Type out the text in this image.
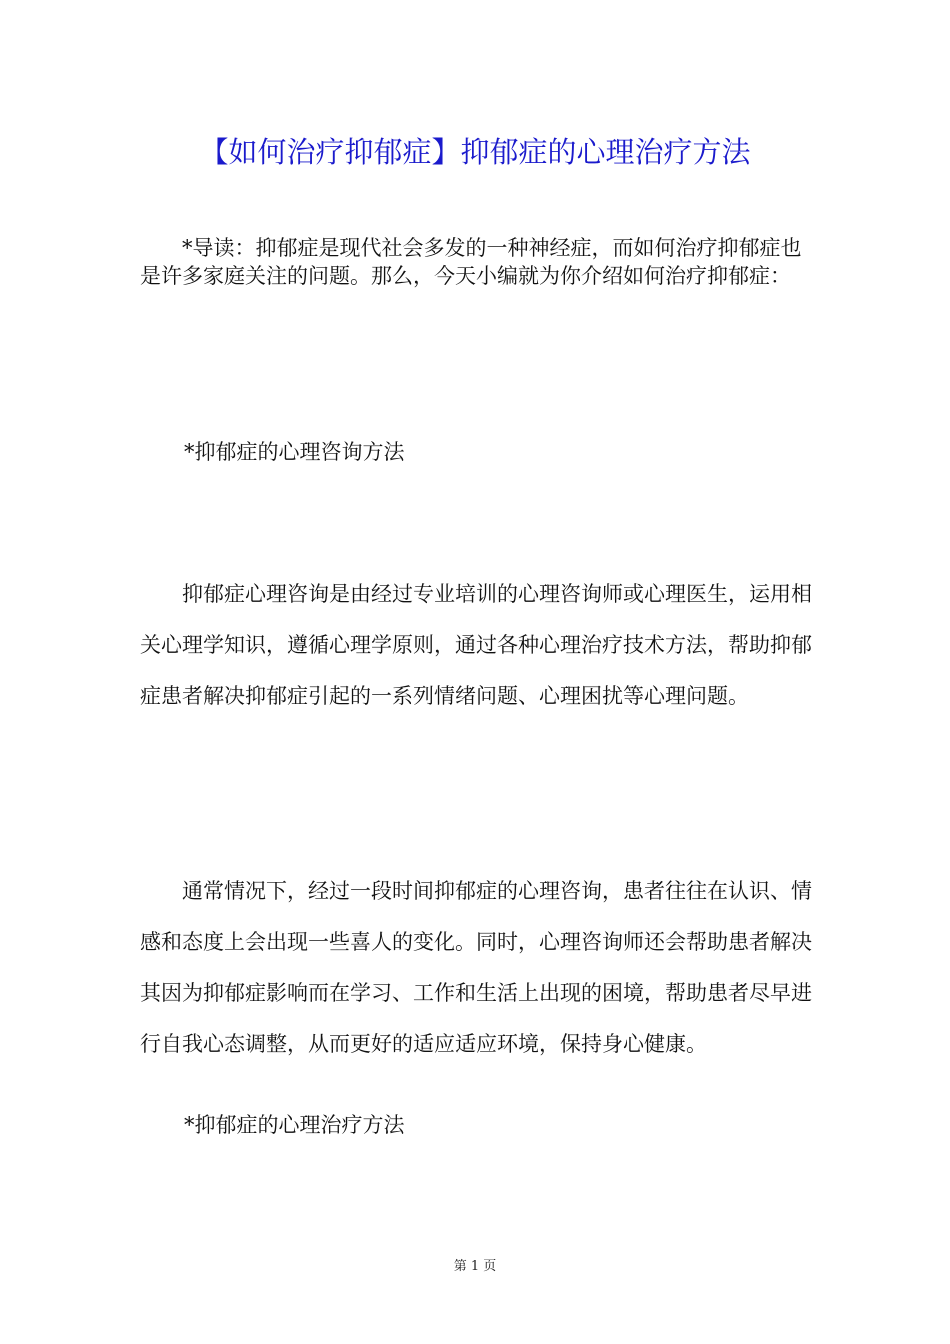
【如何治疗抑郁症】抑郁症的心理治疗方法

*导读：抑郁症是现代社会多发的一种神经症，而如何治疗抑郁症也是许多家庭关注的问题。那么，今天小编就为你介绍如何治疗抑郁症：

*抑郁症的心理咨询方法

抑郁症心理咨询是由经过专业培训的心理咨询师或心理医生，运用相关心理学知识，遵循心理学原则，通过各种心理治疗技术方法，帮助抑郁症患者解决抑郁症引起的一系列情绪问题、心理困扰等心理问题。

通常情况下，经过一段时间抑郁症的心理咨询，患者往往在认识、情感和态度上会出现一些喜人的变化。同时，心理咨询师还会帮助患者解决其因为抑郁症影响而在学习、工作和生活上出现的困境，帮助患者尽早进行自我心态调整，从而更好的适应适应环境，保持身心健康。

*抑郁症的心理治疗方法

第 1 页
